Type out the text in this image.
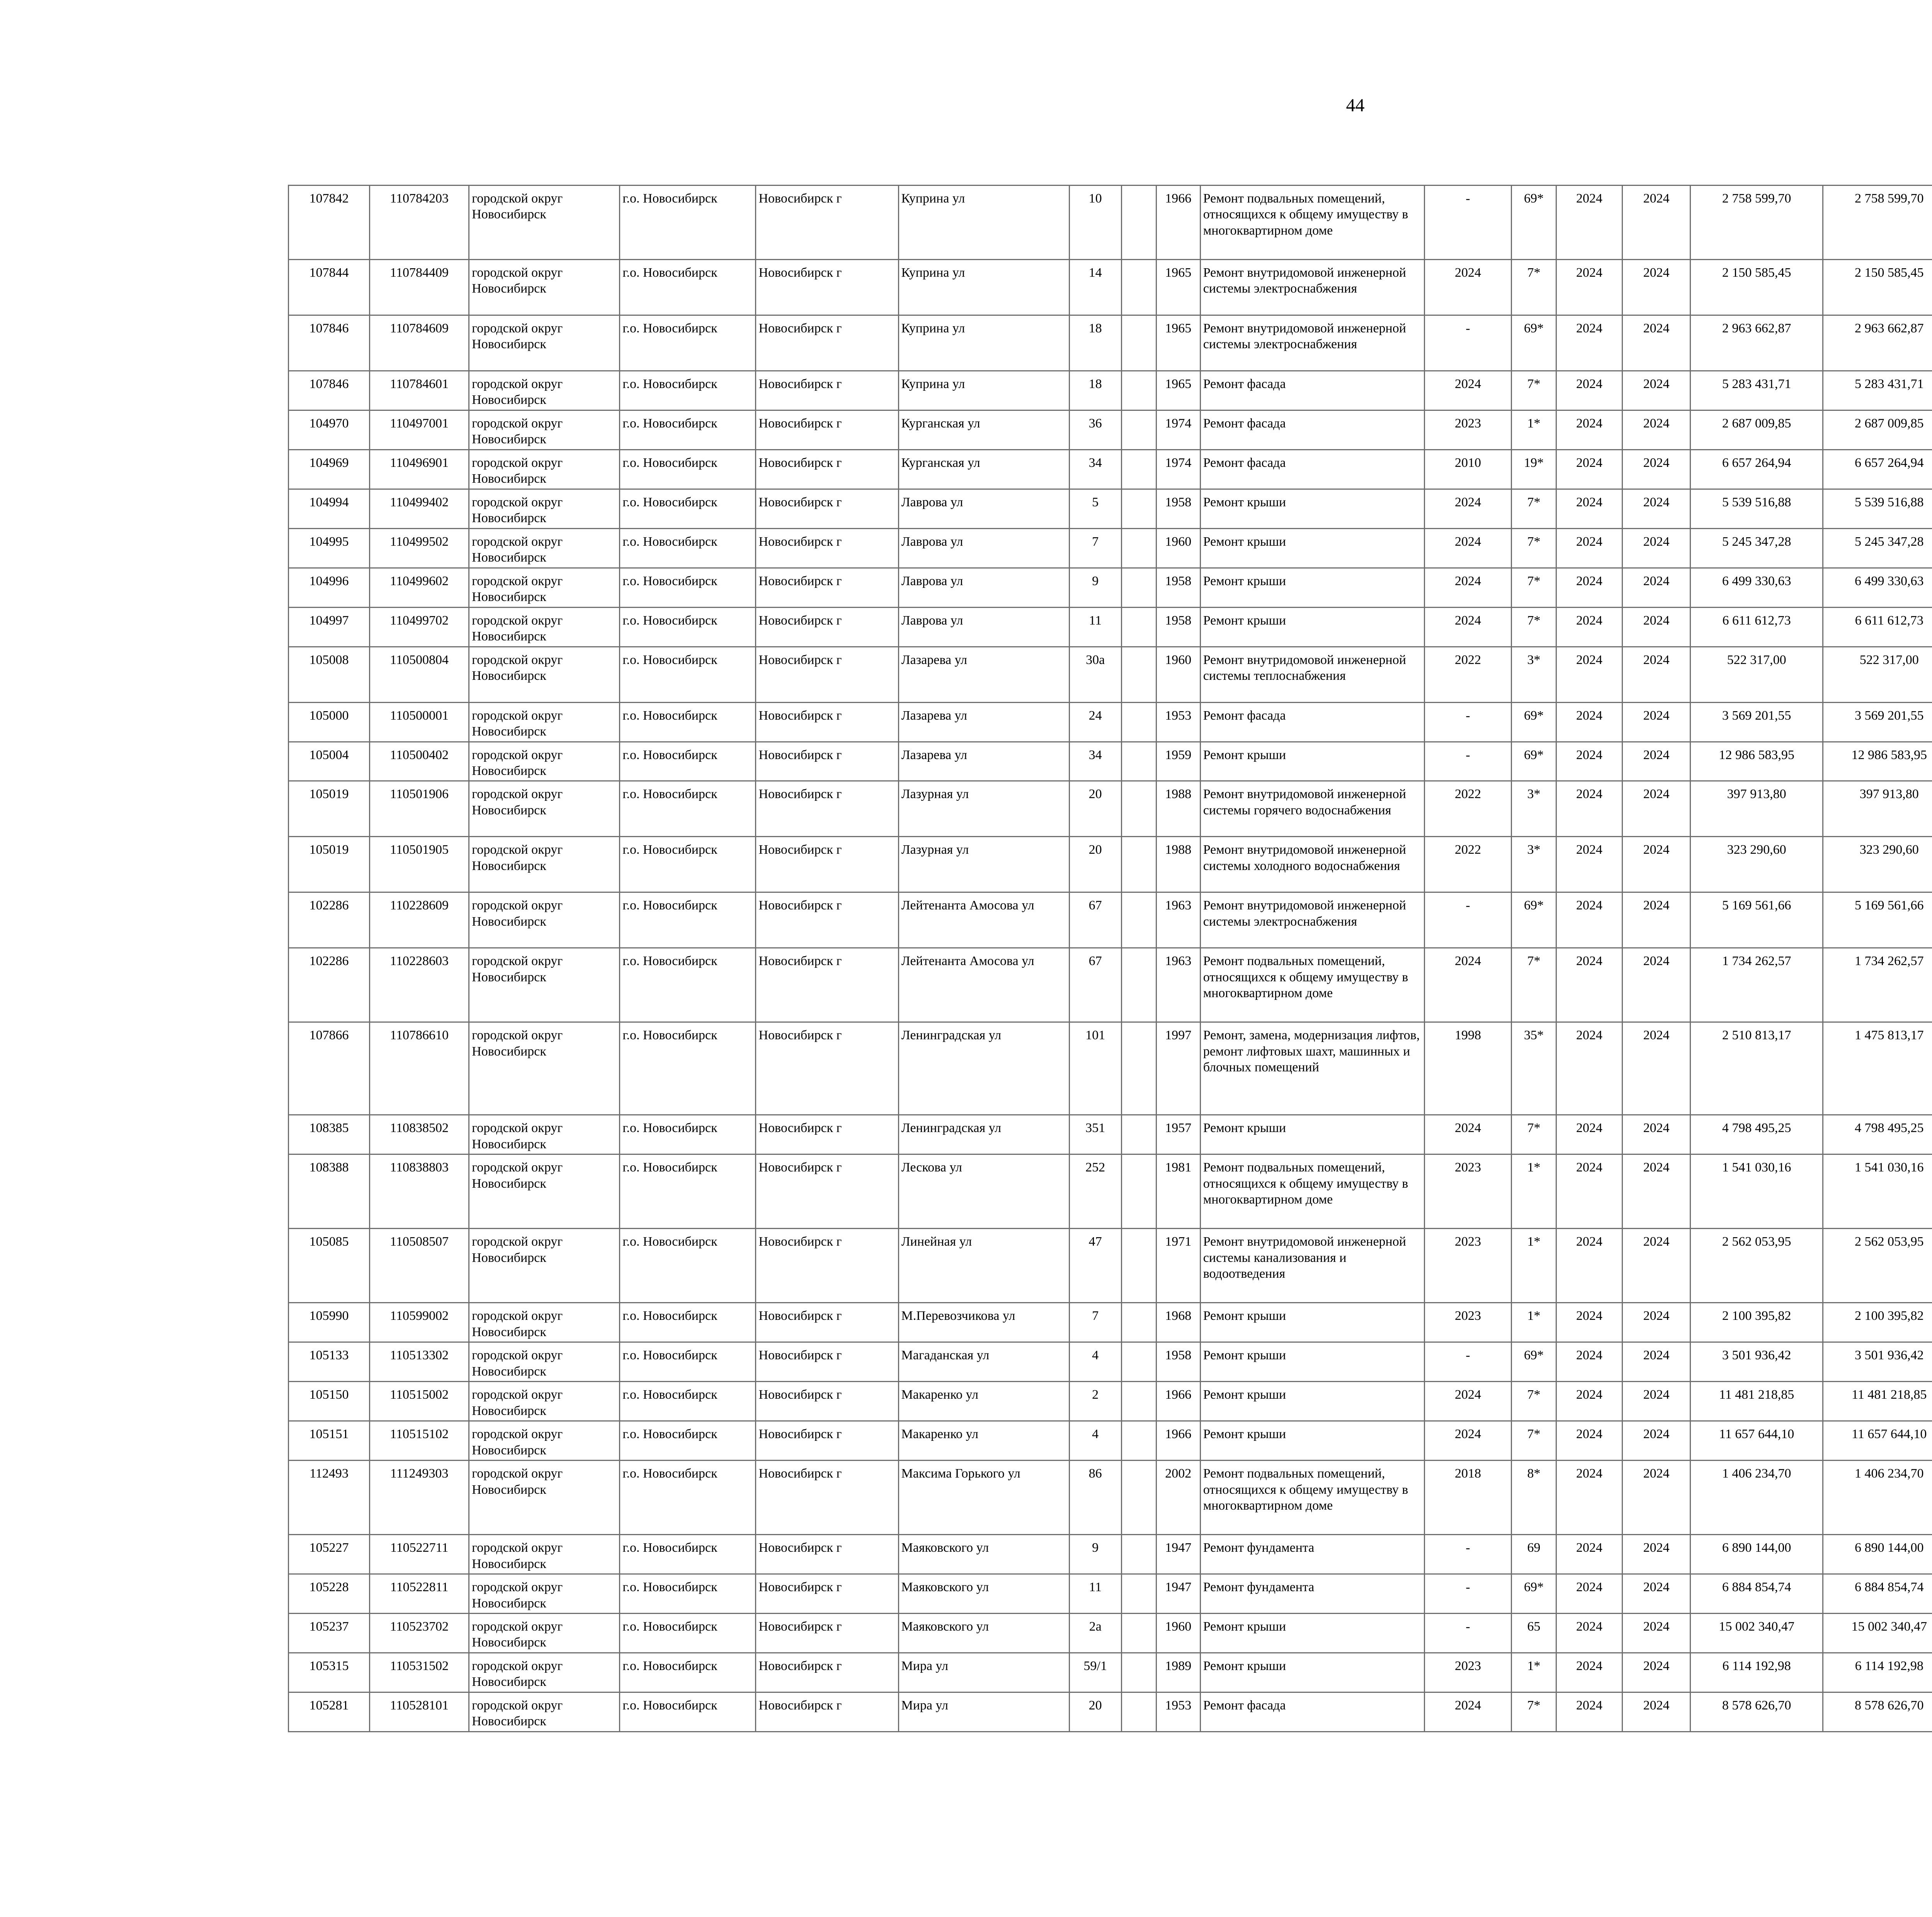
44
107842	110784203	городской округ Новосибирск	г.о. Новосибирск	Новосибирск г	Куприна ул	10		1966	Ремонт подвальных помещений, относящихся к общему имуществу в многоквартирном доме	-	69*	2024	2024	2 758 599,70	2 758 599,70						
107844	110784409	городской округ Новосибирск	г.о. Новосибирск	Новосибирск г	Куприна ул	14		1965	Ремонт внутридомовой инженерной системы электроснабжения	2024	7*	2024	2024	2 150 585,45	2 150 585,45						
107846	110784609	городской округ Новосибирск	г.о. Новосибирск	Новосибирск г	Куприна ул	18		1965	Ремонт внутридомовой инженерной системы электроснабжения	-	69*	2024	2024	2 963 662,87	2 963 662,87						
107846	110784601	городской округ Новосибирск	г.о. Новосибирск	Новосибирск г	Куприна ул	18		1965	Ремонт фасада	2024	7*	2024	2024	5 283 431,71	5 283 431,71						
104970	110497001	городской округ Новосибирск	г.о. Новосибирск	Новосибирск г	Курганская ул	36		1974	Ремонт фасада	2023	1*	2024	2024	2 687 009,85	2 687 009,85						
104969	110496901	городской округ Новосибирск	г.о. Новосибирск	Новосибирск г	Курганская ул	34		1974	Ремонт фасада	2010	19*	2024	2024	6 657 264,94	6 657 264,94						
104994	110499402	городской округ Новосибирск	г.о. Новосибирск	Новосибирск г	Лаврова ул	5		1958	Ремонт крыши	2024	7*	2024	2024	5 539 516,88	5 539 516,88						
104995	110499502	городской округ Новосибирск	г.о. Новосибирск	Новосибирск г	Лаврова ул	7		1960	Ремонт крыши	2024	7*	2024	2024	5 245 347,28	5 245 347,28						
104996	110499602	городской округ Новосибирск	г.о. Новосибирск	Новосибирск г	Лаврова ул	9		1958	Ремонт крыши	2024	7*	2024	2024	6 499 330,63	6 499 330,63						
104997	110499702	городской округ Новосибирск	г.о. Новосибирск	Новосибирск г	Лаврова ул	11		1958	Ремонт крыши	2024	7*	2024	2024	6 611 612,73	6 611 612,73						
105008	110500804	городской округ Новосибирск	г.о. Новосибирск	Новосибирск г	Лазарева ул	30а		1960	Ремонт внутридомовой инженерной системы теплоснабжения	2022	3*	2024	2024	522 317,00	522 317,00						
105000	110500001	городской округ Новосибирск	г.о. Новосибирск	Новосибирск г	Лазарева ул	24		1953	Ремонт фасада	-	69*	2024	2024	3 569 201,55	3 569 201,55						
105004	110500402	городской округ Новосибирск	г.о. Новосибирск	Новосибирск г	Лазарева ул	34		1959	Ремонт крыши	-	69*	2024	2024	12 986 583,95	12 986 583,95						
105019	110501906	городской округ Новосибирск	г.о. Новосибирск	Новосибирск г	Лазурная ул	20		1988	Ремонт внутридомовой инженерной системы горячего водоснабжения	2022	3*	2024	2024	397 913,80	397 913,80						
105019	110501905	городской округ Новосибирск	г.о. Новосибирск	Новосибирск г	Лазурная ул	20		1988	Ремонт внутридомовой инженерной системы холодного водоснабжения	2022	3*	2024	2024	323 290,60	323 290,60						
102286	110228609	городской округ Новосибирск	г.о. Новосибирск	Новосибирск г	Лейтенанта Амосова ул	67		1963	Ремонт внутридомовой инженерной системы электроснабжения	-	69*	2024	2024	5 169 561,66	5 169 561,66						
102286	110228603	городской округ Новосибирск	г.о. Новосибирск	Новосибирск г	Лейтенанта Амосова ул	67		1963	Ремонт подвальных помещений, относящихся к общему имуществу в многоквартирном доме	2024	7*	2024	2024	1 734 262,57	1 734 262,57						
107866	110786610	городской округ Новосибирск	г.о. Новосибирск	Новосибирск г	Ленинградская ул	101		1997	Ремонт, замена, модернизация лифтов, ремонт лифтовых шахт, машинных и блочных помещений	1998	35*	2024	2024	2 510 813,17	1 475 813,17						
108385	110838502	городской округ Новосибирск	г.о. Новосибирск	Новосибирск г	Ленинградская ул	351		1957	Ремонт крыши	2024	7*	2024	2024	4 798 495,25	4 798 495,25						
108388	110838803	городской округ Новосибирск	г.о. Новосибирск	Новосибирск г	Лескова ул	252		1981	Ремонт подвальных помещений, относящихся к общему имуществу в многоквартирном доме	2023	1*	2024	2024	1 541 030,16	1 541 030,16						
105085	110508507	городской округ Новосибирск	г.о. Новосибирск	Новосибирск г	Линейная ул	47		1971	Ремонт внутридомовой инженерной системы канализования и водоотведения	2023	1*	2024	2024	2 562 053,95	2 562 053,95						
105990	110599002	городской округ Новосибирск	г.о. Новосибирск	Новосибирск г	М.Перевозчикова ул	7		1968	Ремонт крыши	2023	1*	2024	2024	2 100 395,82	2 100 395,82						
105133	110513302	городской округ Новосибирск	г.о. Новосибирск	Новосибирск г	Магаданская ул	4		1958	Ремонт крыши	-	69*	2024	2024	3 501 936,42	3 501 936,42						
105150	110515002	городской округ Новосибирск	г.о. Новосибирск	Новосибирск г	Макаренко ул	2		1966	Ремонт крыши	2024	7*	2024	2024	11 481 218,85	11 481 218,85						
105151	110515102	городской округ Новосибирск	г.о. Новосибирск	Новосибирск г	Макаренко ул	4		1966	Ремонт крыши	2024	7*	2024	2024	11 657 644,10	11 657 644,10						
112493	111249303	городской округ Новосибирск	г.о. Новосибирск	Новосибирск г	Максима Горького ул	86		2002	Ремонт подвальных помещений, относящихся к общему имуществу в многоквартирном доме	2018	8*	2024	2024	1 406 234,70	1 406 234,70						
105227	110522711	городской округ Новосибирск	г.о. Новосибирск	Новосибирск г	Маяковского ул	9		1947	Ремонт фундамента	-	69	2024	2024	6 890 144,00	6 890 144,00						
105228	110522811	городской округ Новосибирск	г.о. Новосибирск	Новосибирск г	Маяковского ул	11		1947	Ремонт фундамента	-	69*	2024	2024	6 884 854,74	6 884 854,74						
105237	110523702	городской округ Новосибирск	г.о. Новосибирск	Новосибирск г	Маяковского ул	2а		1960	Ремонт крыши	-	65	2024	2024	15 002 340,47	15 002 340,47						
105315	110531502	городской округ Новосибирск	г.о. Новосибирск	Новосибирск г	Мира ул	59/1		1989	Ремонт крыши	2023	1*	2024	2024	6 114 192,98	6 114 192,98						
105281	110528101	городской округ Новосибирск	г.о. Новосибирск	Новосибирск г	Мира ул	20		1953	Ремонт фасада	2024	7*	2024	2024	8 578 626,70	8 578 626,70						
